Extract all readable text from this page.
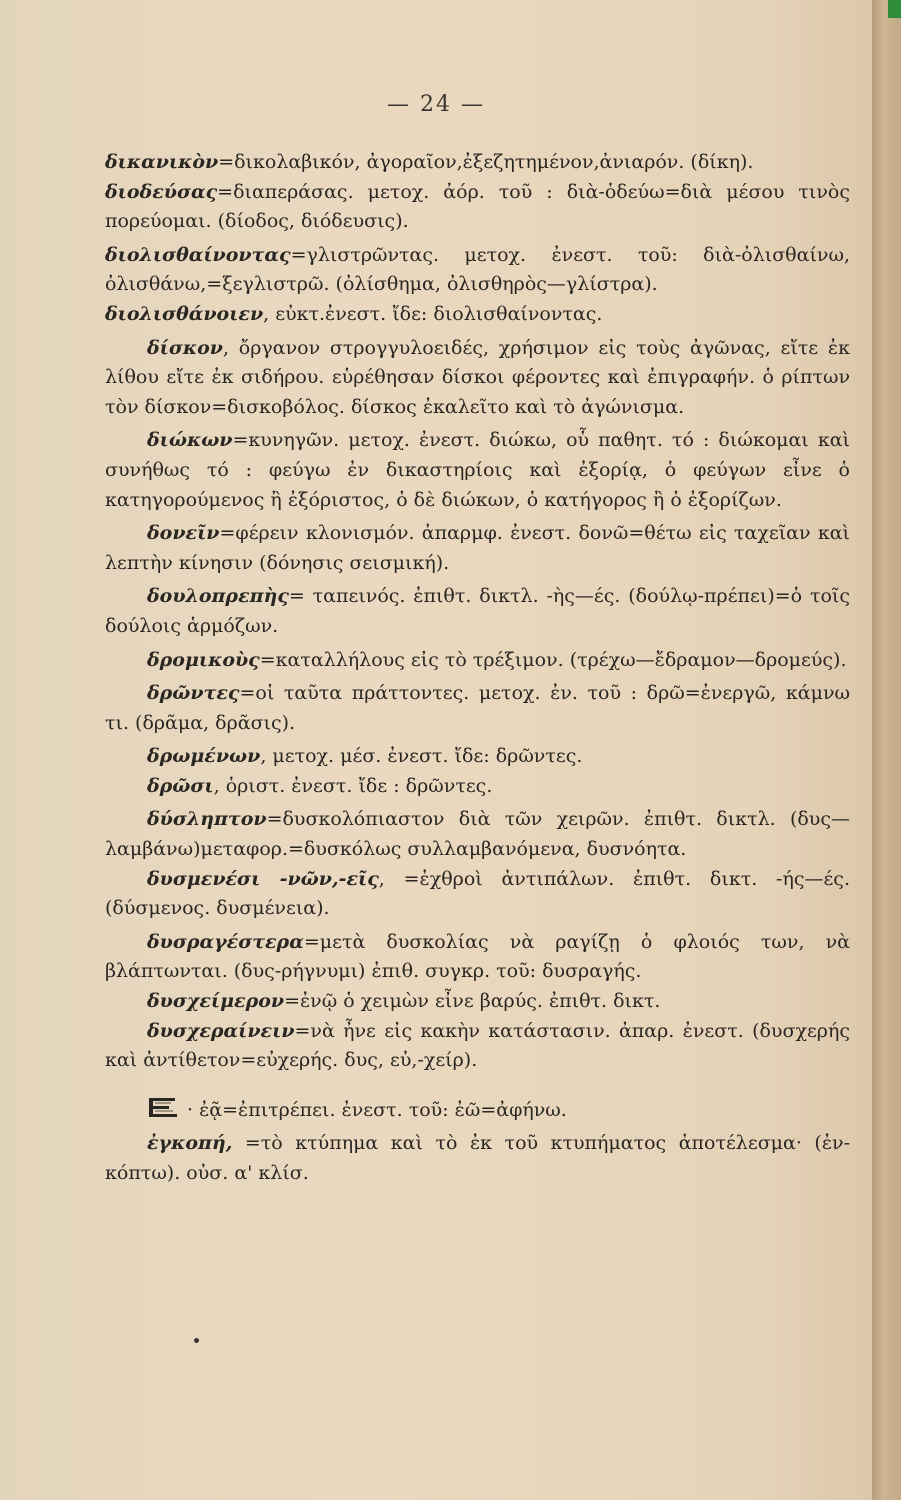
— 24 —

δικανικὸν=δικολαβικόν, ἀγοραῖον,ἐξεζητημένον,ἀνιαρόν. (δίκη).

διοδεύσας=διαπεράσας. μετοχ. ἀόρ. τοῦ : διὰ-ὁδεύω=διὰ μέσου τινὸς πορεύομαι. (δίοδος, διόδευσις).

διολισθαίνοντας=γλιστρῶντας. μετοχ. ἐνεστ. τοῦ: διὰ-ὀλισθαίνω, ὀλισθάνω,=ξεγλιστρῶ. (ὀλίσθημα, ὀλισθηρὸς—γλίστρα).

διολισθάνοιεν, εὐκτ.ἐνεστ. ἴδε: διολισθαίνοντας.

δίσκον, ὄργανον στρογγυλοειδές, χρήσιμον εἰς τοὺς ἀγῶνας, εἴτε ἐκ λίθου εἴτε ἐκ σιδήρου. εὑρέθησαν δίσκοι φέροντες καὶ ἐπιγραφήν. ὁ ρίπτων τὸν δίσκον=δισκοβόλος. δίσκος ἐκαλεῖτο καὶ τὸ ἀγώνισμα.

διώκων=κυνηγῶν. μετοχ. ἐνεστ. διώκω, οὗ παθητ. τό : διώκομαι καὶ συνήθως τό : φεύγω ἐν δικαστηρίοις καὶ ἐξορίᾳ, ὁ φεύγων εἶνε ὁ κατηγορούμενος ἢ ἐξόριστος, ὁ δὲ διώκων, ὁ κατήγορος ἢ ὁ ἐξορίζων.

δονεῖν=φέρειν κλονισμόν. ἀπαρμφ. ἐνεστ. δονῶ=θέτω εἰς ταχεῖαν καὶ λεπτὴν κίνησιν (δόνησις σεισμική).

δουλοπρεπὴς= ταπεινός. ἐπιθτ. δικτλ. -ὴς—ές. (δούλῳ-πρέπει)=ὁ τοῖς δούλοις ἁρμόζων.

δρομικοὺς=καταλλήλους εἰς τὸ τρέξιμον. (τρέχω—ἔδραμον—δρομεύς).

δρῶντες=οἱ ταῦτα πράττοντες. μετοχ. ἐν. τοῦ : δρῶ=ἐνεργῶ, κάμνω τι. (δρᾶμα, δρᾶσις).

δρωμένων, μετοχ. μέσ. ἐνεστ. ἴδε: δρῶντες.

δρῶσι, ὁριστ. ἐνεστ. ἴδε : δρῶντες.

δύσληπτον=δυσκολόπιαστον διὰ τῶν χειρῶν. ἐπιθτ. δικτλ. (δυς—λαμβάνω)μεταφορ.=δυσκόλως συλλαμβανόμενα, δυσνόητα.

δυσμενέσι -νῶν,-εῖς, =ἐχθροὶ ἀντιπάλων. ἐπιθτ. δικτ. -ής—ές. (δύσμενος. δυσμένεια).

δυσραγέστερα=μετὰ δυσκολίας νὰ ραγίζῃ ὁ φλοιός των, νὰ βλάπτωνται. (δυς-ρήγνυμι) ἐπιθ. συγκρ. τοῦ: δυσραγής.

δυσχείμερον=ἐνῷ ὁ χειμὼν εἶνε βαρύς. ἐπιθτ. δικτ.

δυσχεραίνειν=νὰ ἦνε εἰς κακὴν κατάστασιν. ἀπαρ. ἐνεστ. (δυσχερής καὶ ἀντίθετον=εὐχερής. δυς, εὐ,-χείρ).

· ἐᾷ=ἐπιτρέπει. ἐνεστ. τοῦ: ἐῶ=ἀφήνω.

ἐγκοπή, =τὸ κτύπημα καὶ τὸ ἐκ τοῦ κτυπήματος ἀποτέλεσμα· (ἐν-κόπτω). οὐσ. α' κλίσ.
